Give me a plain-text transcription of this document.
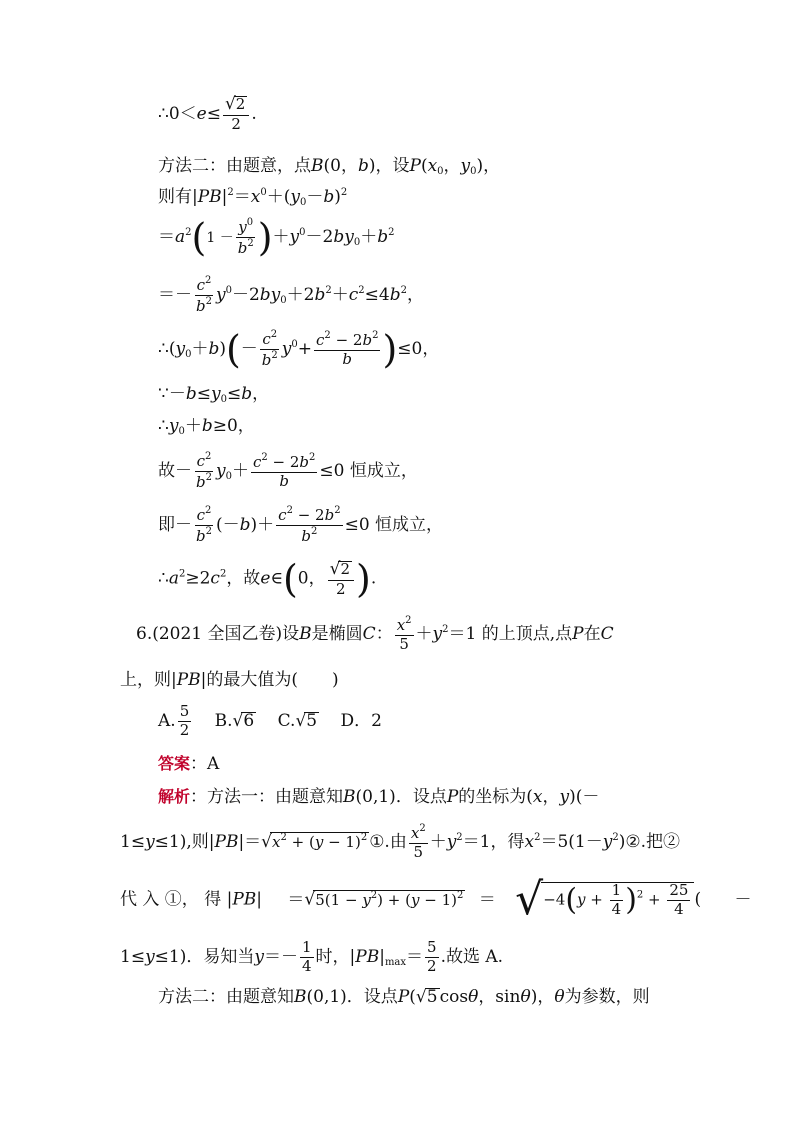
∴0＜e≤ $\frac{√2}{2}$ .
方法二：由题意，点B(0，b)，设$P(x_0$，$y_0$)，
则有$|PB|^2=x^0+(y_0-b)^2$
$=a^2(1 - \frac{y^0}{b^2} )+y^0-2by_0+b^2$
＝－ $\frac{c^2}{b^2} y^0-2by_0+2b^2+c^2\le 4b^2$，
$\therefore(y_0+b)(- \frac{c^2}{b^2} y^0+ \frac{c^2 - 2b^2}{b} )\le 0$，
$\because-b\le y_0\le b$，
$\therefore y_0+b\ge 0$，
故－ $\frac{c^2}{b^2} y_0+ \frac{c^2 - 2b^2}{b} \le 0$ 恒成立，
即－ $\frac{c^2}{b^2} (-b)+ \frac{c^2 - 2b^2}{b^2} \le 0$ 恒成立，
$\therefore a^2\ge 2c^2$，故e∈(0， $\frac{√2}{2}$ ).
6.(2021 全国乙卷)设B是椭圆C： $\frac{x^2}{5} +y^2=1$ 的上顶点,点P在C
上，则|PB|的最大值为(　　)
A. $\frac{5}{2} B.√6$ C.√5 D．2
答案：A
解析：方法一：由题意知B(0,1)．设点P的坐标为(x，y)(－
1≤y≤1),则$|PB|=√x^2 + (y - 1)^2$ ①.由 $\frac{x^2}{5} +y^2=1$，得$x^2=5(1-y^2)②$.把②
代 入 ①， 得 $|PB| =√5(1 - y^2) + (y - 1)^2 = √-4(y + \frac{1}{4} )^2 + \frac{25}{4}$ ( －
1≤y≤1)．易知当$y=- \frac{1}{4}$ 时，$|PB|_{max}= \frac{5}{2}$ .故选 A.
方法二：由题意知B(0,1)．设点P(√5 cosθ，sinθ)，θ为参数，则
